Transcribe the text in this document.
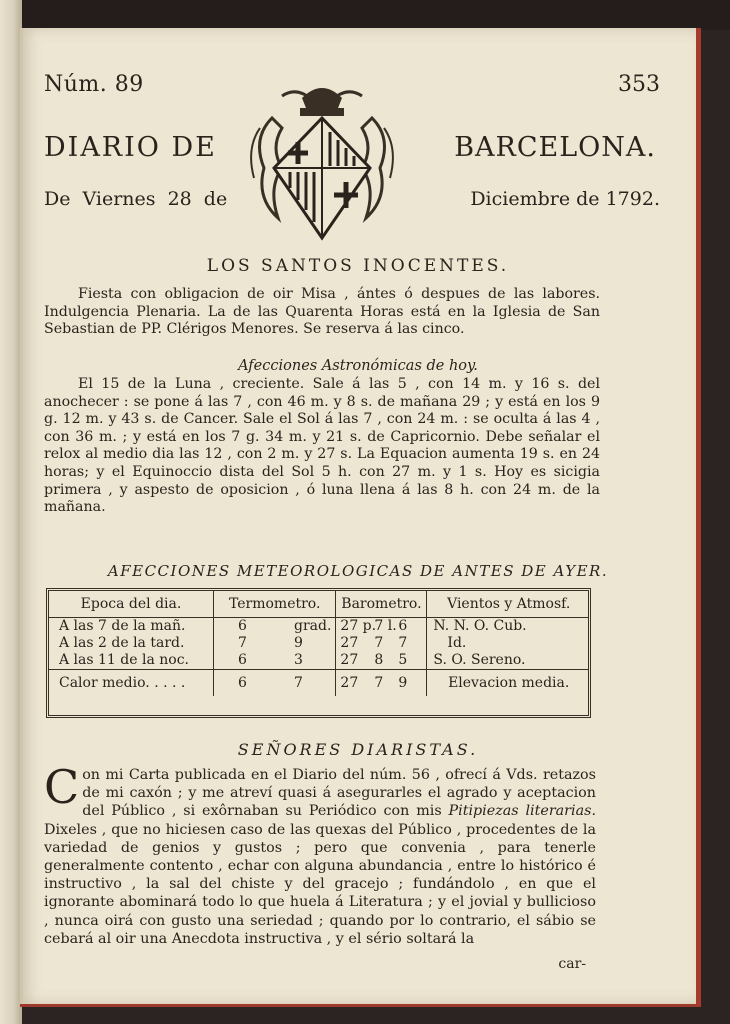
Núm. 89	353
DIARIO DE	BARCELONA.
De Viernes 28 de	Diciembre de 1792.
LOS SANTOS INOCENTES.

Fiesta con obligacion de oir Misa , ántes ó despues de las labores. Indulgencia Plenaria. La de las Quarenta Horas está en la Iglesia de San Sebastian de PP. Clérigos Menores. Se reserva á las cinco.

Afecciones Astronómicas de hoy.

El 15 de la Luna , creciente. Sale á las 5 , con 14 m. y 16 s. del anochecer : se pone á las 7 , con 46 m. y 8 s. de mañana 29 ; y está en los 9 g. 12 m. y 43 s. de Cancer. Sale el Sol á las 7 , con 24 m. : se oculta á las 4 , con 36 m. ; y está en los 7 g. 34 m. y 21 s. de Capricornio. Debe señalar el relox al medio dia las 12 , con 2 m. y 27 s. La Equacion aumenta 19 s. en 24 horas; y el Equinoccio dista del Sol 5 h. con 27 m. y 1 s. Hoy es sicigia primera , y aspesto de oposicion , ó luna llena á las 8 h. con 24 m. de la mañana.

AFECCIONES METEOROLOGICAS DE ANTES DE AYER.
Epoca del dia.	Termometro.	Barometro.	Vientos y Atmosf.
A las 7 de la mañ.	6 grad.	27 p.7 l. 6	N. N. O. Cub.
A las 2 de la tard.	7 9	27 7 7	Id.
A las 11 de la noc.	6 3	27 8 5	S. O. Sereno.
Calor medio. . . . .	6 7	27 7 9	Elevacion media.
SEÑORES DIARISTAS.
Con mi Carta publicada en el Diario del núm. 56 , ofrecí á Vds. retazos de mi caxón ; y me atreví quasi á asegurarles el agrado y aceptacion del Público , si exôrnaban su Periódico con mis Pitipiezas literarias. Dixeles , que no hiciesen caso de las quexas del Público , procedentes de la variedad de genios y gustos ; pero que convenia , para tenerle generalmente contento , echar con alguna abundancia , entre lo histórico é instructivo , la sal del chiste y del gracejo ; fundándolo , en que el ignorante abominará todo lo que huela á Literatura ; y el jovial y bullicioso , nunca oirá con gusto una seriedad ; quando por lo contrario, el sábio se cebará al oir una Anecdota instructiva , y el sério soltará la
car-
